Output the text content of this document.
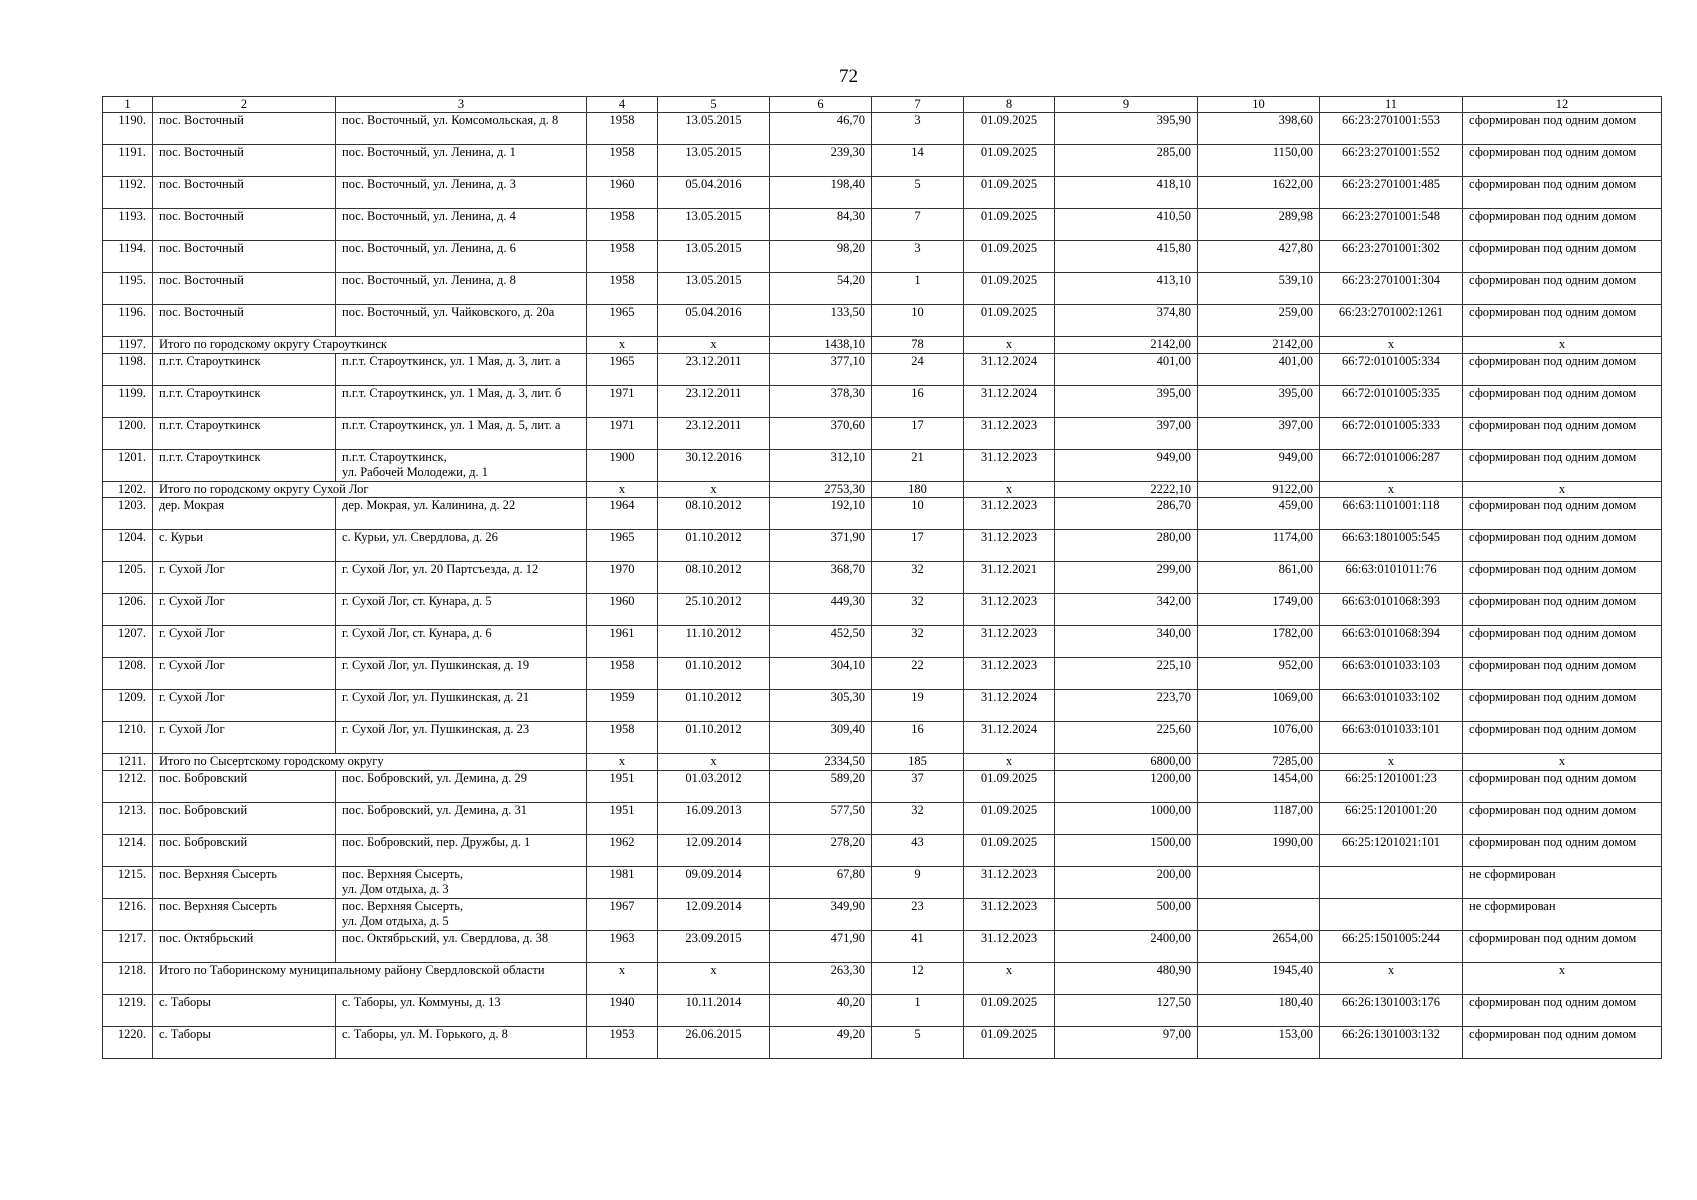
72
1	2	3	4	5	6	7	8	9	10	11	12
1190.	пос. Восточный	пос. Восточный, ул. Комсомольская, д. 8	1958	13.05.2015	46,70	3	01.09.2025	395,90	398,60	66:23:2701001:553	сформирован под одним домом
1191.	пос. Восточный	пос. Восточный, ул. Ленина, д. 1	1958	13.05.2015	239,30	14	01.09.2025	285,00	1150,00	66:23:2701001:552	сформирован под одним домом
1192.	пос. Восточный	пос. Восточный, ул. Ленина, д. 3	1960	05.04.2016	198,40	5	01.09.2025	418,10	1622,00	66:23:2701001:485	сформирован под одним домом
1193.	пос. Восточный	пос. Восточный, ул. Ленина, д. 4	1958	13.05.2015	84,30	7	01.09.2025	410,50	289,98	66:23:2701001:548	сформирован под одним домом
1194.	пос. Восточный	пос. Восточный, ул. Ленина, д. 6	1958	13.05.2015	98,20	3	01.09.2025	415,80	427,80	66:23:2701001:302	сформирован под одним домом
1195.	пос. Восточный	пос. Восточный, ул. Ленина, д. 8	1958	13.05.2015	54,20	1	01.09.2025	413,10	539,10	66:23:2701001:304	сформирован под одним домом
1196.	пос. Восточный	пос. Восточный, ул. Чайковского, д. 20а	1965	05.04.2016	133,50	10	01.09.2025	374,80	259,00	66:23:2701002:1261	сформирован под одним домом
1197.	Итого по городскому округу Староуткинск		x	x	1438,10	78	x	2142,00	2142,00	x	x
1198.	п.г.т. Староуткинск	п.г.т. Староуткинск, ул. 1 Мая, д. 3, лит. а	1965	23.12.2011	377,10	24	31.12.2024	401,00	401,00	66:72:0101005:334	сформирован под одним домом
1199.	п.г.т. Староуткинск	п.г.т. Староуткинск, ул. 1 Мая, д. 3, лит. б	1971	23.12.2011	378,30	16	31.12.2024	395,00	395,00	66:72:0101005:335	сформирован под одним домом
1200.	п.г.т. Староуткинск	п.г.т. Староуткинск, ул. 1 Мая, д. 5, лит. а	1971	23.12.2011	370,60	17	31.12.2023	397,00	397,00	66:72:0101005:333	сформирован под одним домом
1201.	п.г.т. Староуткинск	п.г.т. Староуткинск,
ул. Рабочей Молодежи, д. 1	1900	30.12.2016	312,10	21	31.12.2023	949,00	949,00	66:72:0101006:287	сформирован под одним домом
1202.	Итого по городскому округу Сухой Лог		x	x	2753,30	180	x	2222,10	9122,00	x	x
1203.	дер. Мокрая	дер. Мокрая, ул. Калинина, д. 22	1964	08.10.2012	192,10	10	31.12.2023	286,70	459,00	66:63:1101001:118	сформирован под одним домом
1204.	с. Курьи	с. Курьи, ул. Свердлова, д. 26	1965	01.10.2012	371,90	17	31.12.2023	280,00	1174,00	66:63:1801005:545	сформирован под одним домом
1205.	г. Сухой Лог	г. Сухой Лог, ул. 20 Партсъезда, д. 12	1970	08.10.2012	368,70	32	31.12.2021	299,00	861,00	66:63:0101011:76	сформирован под одним домом
1206.	г. Сухой Лог	г. Сухой Лог, ст. Кунара, д. 5	1960	25.10.2012	449,30	32	31.12.2023	342,00	1749,00	66:63:0101068:393	сформирован под одним домом
1207.	г. Сухой Лог	г. Сухой Лог, ст. Кунара, д. 6	1961	11.10.2012	452,50	32	31.12.2023	340,00	1782,00	66:63:0101068:394	сформирован под одним домом
1208.	г. Сухой Лог	г. Сухой Лог, ул. Пушкинская, д. 19	1958	01.10.2012	304,10	22	31.12.2023	225,10	952,00	66:63:0101033:103	сформирован под одним домом
1209.	г. Сухой Лог	г. Сухой Лог, ул. Пушкинская, д. 21	1959	01.10.2012	305,30	19	31.12.2024	223,70	1069,00	66:63:0101033:102	сформирован под одним домом
1210.	г. Сухой Лог	г. Сухой Лог, ул. Пушкинская, д. 23	1958	01.10.2012	309,40	16	31.12.2024	225,60	1076,00	66:63:0101033:101	сформирован под одним домом
1211.	Итого по Сысертскому городскому округу		x	x	2334,50	185	x	6800,00	7285,00	x	x
1212.	пос. Бобровский	пос. Бобровский, ул. Демина, д. 29	1951	01.03.2012	589,20	37	01.09.2025	1200,00	1454,00	66:25:1201001:23	сформирован под одним домом
1213.	пос. Бобровский	пос. Бобровский, ул. Демина, д. 31	1951	16.09.2013	577,50	32	01.09.2025	1000,00	1187,00	66:25:1201001:20	сформирован под одним домом
1214.	пос. Бобровский	пос. Бобровский, пер. Дружбы, д. 1	1962	12.09.2014	278,20	43	01.09.2025	1500,00	1990,00	66:25:1201021:101	сформирован под одним домом
1215.	пос. Верхняя Сысерть	пос. Верхняя Сысерть,
ул. Дом отдыха, д. 3	1981	09.09.2014	67,80	9	31.12.2023	200,00			не сформирован
1216.	пос. Верхняя Сысерть	пос. Верхняя Сысерть,
ул. Дом отдыха, д. 5	1967	12.09.2014	349,90	23	31.12.2023	500,00			не сформирован
1217.	пос. Октябрьский	пос. Октябрьский, ул. Свердлова, д. 38	1963	23.09.2015	471,90	41	31.12.2023	2400,00	2654,00	66:25:1501005:244	сформирован под одним домом
1218.	Итого по Таборинскому муниципальному району Свердловской области		x	x	263,30	12	x	480,90	1945,40	x	x
1219.	с. Таборы	с. Таборы, ул. Коммуны, д. 13	1940	10.11.2014	40,20	1	01.09.2025	127,50	180,40	66:26:1301003:176	сформирован под одним домом
1220.	с. Таборы	с. Таборы, ул. М. Горького, д. 8	1953	26.06.2015	49,20	5	01.09.2025	97,00	153,00	66:26:1301003:132	сформирован под одним домом
